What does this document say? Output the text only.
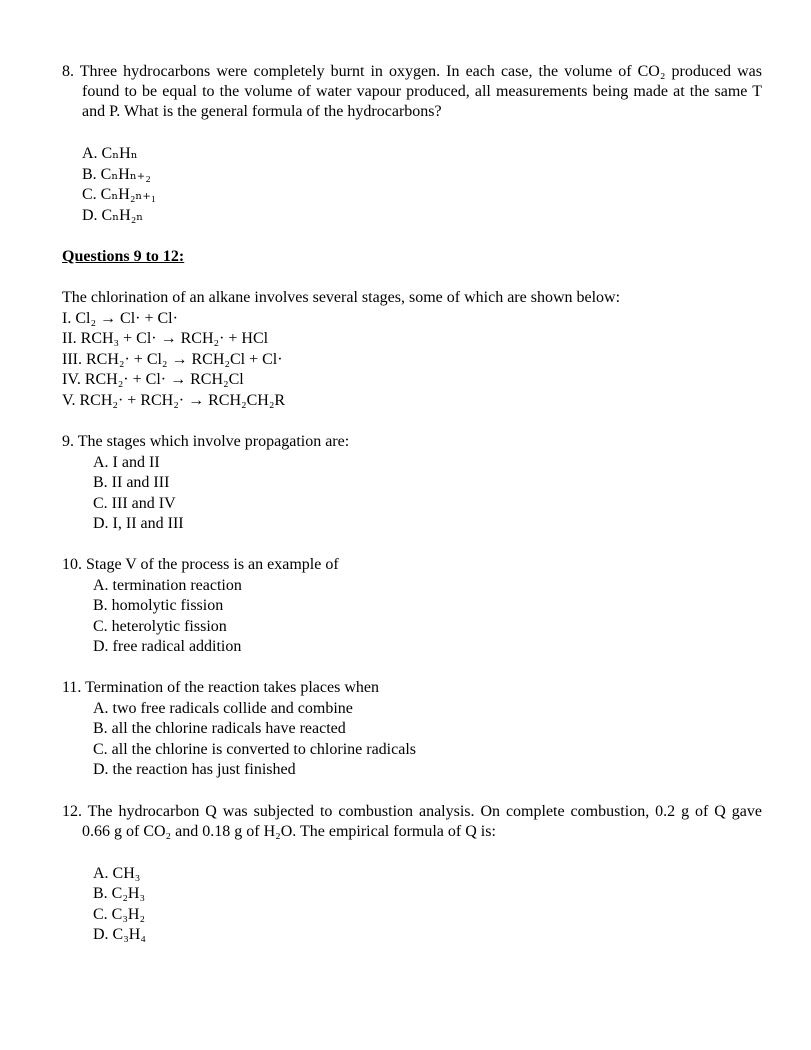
8. Three hydrocarbons were completely burnt in oxygen. In each case, the volume of CO₂ produced was found to be equal to the volume of water vapour produced, all measurements being made at the same T and P. What is the general formula of the hydrocarbons?
A. CₙHₙ
B. CₙHₙ₊₂
C. CₙH₂ₙ₊₁
D. CₙH₂ₙ
Questions 9 to 12:
The chlorination of an alkane involves several stages, some of which are shown below:
I. Cl₂ → Cl· + Cl·
II. RCH₃ + Cl· → RCH₂· + HCl
III. RCH₂· + Cl₂ → RCH₂Cl + Cl·
IV. RCH₂· + Cl· → RCH₂Cl
V. RCH₂· + RCH₂· → RCH₂CH₂R
9. The stages which involve propagation are:
A. I and II
B. II and III
C. III and IV
D. I, II and III
10. Stage V of the process is an example of
A. termination reaction
B. homolytic fission
C. heterolytic fission
D. free radical addition
11. Termination of the reaction takes places when
A. two free radicals collide and combine
B. all the chlorine radicals have reacted
C. all the chlorine is converted to chlorine radicals
D. the reaction has just finished
12. The hydrocarbon Q was subjected to combustion analysis. On complete combustion, 0.2 g of Q gave 0.66 g of CO₂ and 0.18 g of H₂O. The empirical formula of Q is:
A. CH₃
B. C₂H₃
C. C₃H₂
D. C₃H₄
